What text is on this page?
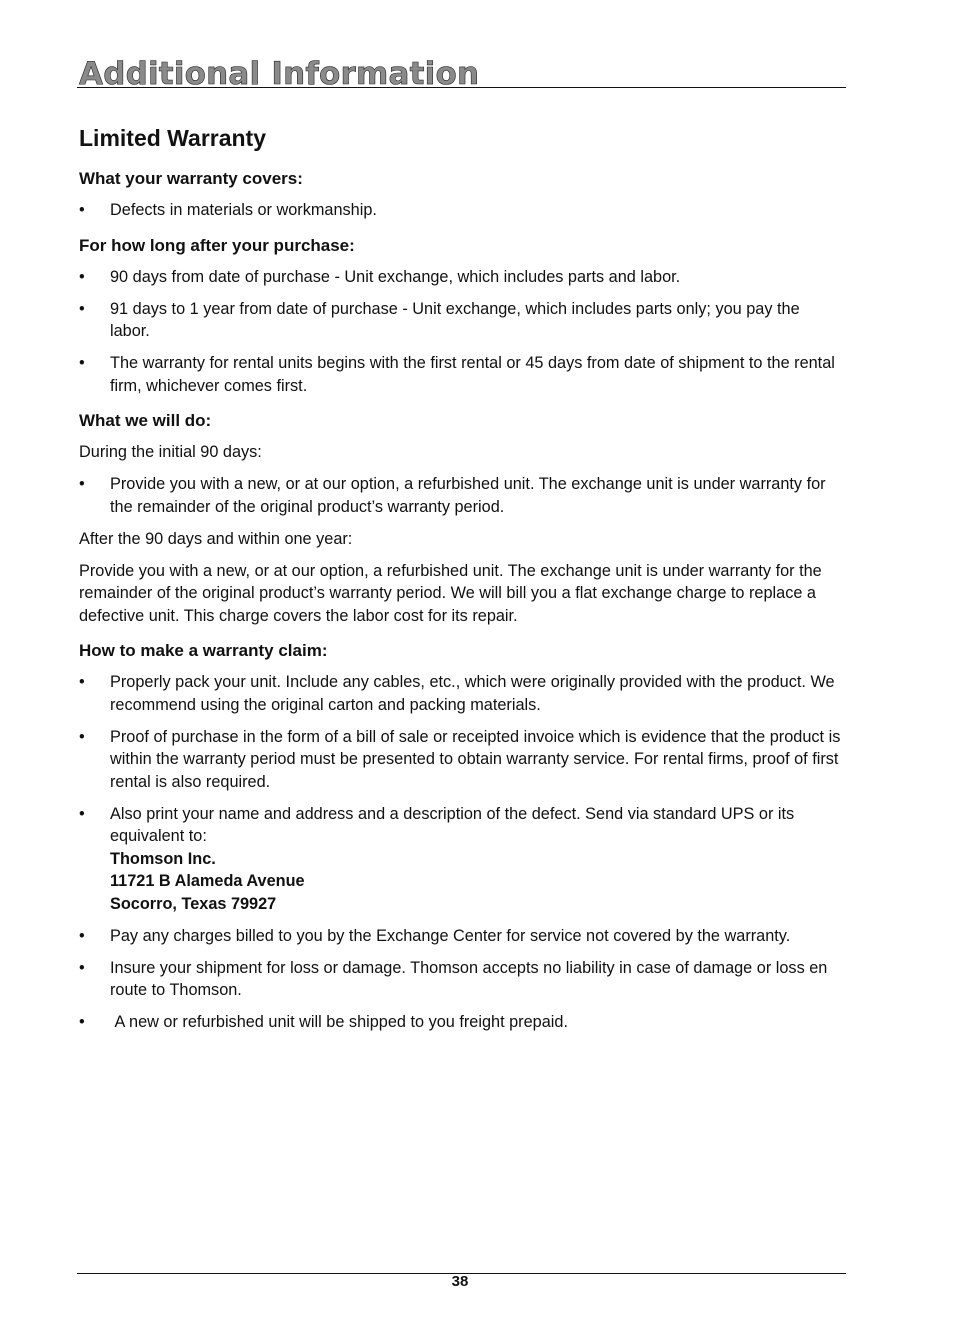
Additional Information
Limited Warranty
What your warranty covers:
•	Defects in materials or workmanship.
For how long after your purchase:
•	90 days from date of purchase - Unit exchange, which includes parts and labor.
•	91 days to 1 year from date of purchase - Unit exchange, which includes parts only; you pay the labor.
•	The warranty for rental units begins with the first rental or 45 days from date of shipment to the rental firm, whichever comes first.
What we will do:

During the initial 90 days:

•	Provide you with a new, or at our option, a refurbished unit. The exchange unit is under warranty for the remainder of the original product’s warranty period.

After the 90 days and within one year:

Provide you with a new, or at our option, a refurbished unit. The exchange unit is under warranty for the remainder of the original product’s warranty period. We will bill you a flat exchange charge to replace a defective unit. This charge covers the labor cost for its repair.

How to make a warranty claim:
•	Properly pack your unit. Include any cables, etc., which were originally provided with the product. We recommend using the original carton and packing materials.
•	Proof of purchase in the form of a bill of sale or receipted invoice which is evidence that the product is within the warranty period must be presented to obtain warranty service. For rental firms, proof of first rental is also required.
•	Also print your name and address and a description of the defect. Send via standard UPS or its equivalent to:
Thomson Inc.
11721 B Alameda Avenue
Socorro, Texas 79927
•	Pay any charges billed to you by the Exchange Center for service not covered by the warranty.
•	Insure your shipment for loss or damage. Thomson accepts no liability in case of damage or loss en route to Thomson.
•	A new or refurbished unit will be shipped to you freight prepaid.
38
